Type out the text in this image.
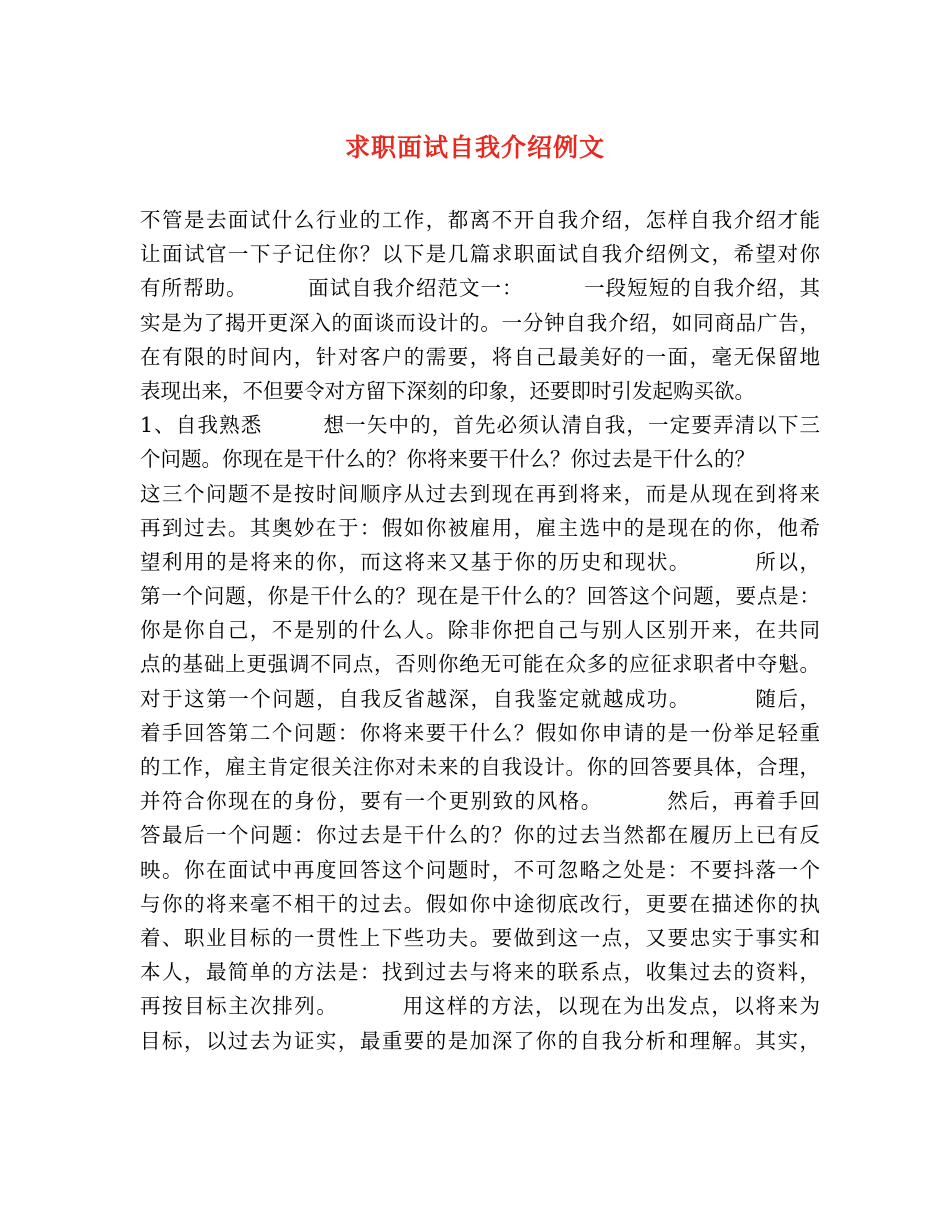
求职面试自我介绍例文
不管是去面试什么行业的工作，都离不开自我介绍，怎样自我介绍才能
让面试官一下子记住你？以下是几篇求职面试自我介绍例文，希望对你
有所帮助。        面试自我介绍范文一：        一段短短的自我介绍，其
实是为了揭开更深入的面谈而设计的。一分钟自我介绍，如同商品广告，
在有限的时间内，针对客户的需要，将自己最美好的一面，毫无保留地
表现出来，不但要令对方留下深刻的印象，还要即时引发起购买欲。
1、自我熟悉        想一矢中的，首先必须认清自我，一定要弄清以下三
个问题。你现在是干什么的？你将来要干什么？你过去是干什么的？
这三个问题不是按时间顺序从过去到现在再到将来，而是从现在到将来
再到过去。其奥妙在于：假如你被雇用，雇主选中的是现在的你，他希
望利用的是将来的你，而这将来又基于你的历史和现状。        所以，
第一个问题，你是干什么的？现在是干什么的？回答这个问题，要点是：
你是你自己，不是别的什么人。除非你把自己与别人区别开来，在共同
点的基础上更强调不同点，否则你绝无可能在众多的应征求职者中夺魁。
对于这第一个问题，自我反省越深，自我鉴定就越成功。        随后，
着手回答第二个问题：你将来要干什么？假如你申请的是一份举足轻重
的工作，雇主肯定很关注你对未来的自我设计。你的回答要具体，合理，
并符合你现在的身份，要有一个更别致的风格。        然后，再着手回
答最后一个问题：你过去是干什么的？你的过去当然都在履历上已有反
映。你在面试中再度回答这个问题时，不可忽略之处是：不要抖落一个
与你的将来毫不相干的过去。假如你中途彻底改行，更要在描述你的执
着、职业目标的一贯性上下些功夫。要做到这一点，又要忠实于事实和
本人，最简单的方法是：找到过去与将来的联系点，收集过去的资料，
再按目标主次排列。        用这样的方法，以现在为出发点，以将来为
目标，以过去为证实，最重要的是加深了你的自我分析和理解。其实，
